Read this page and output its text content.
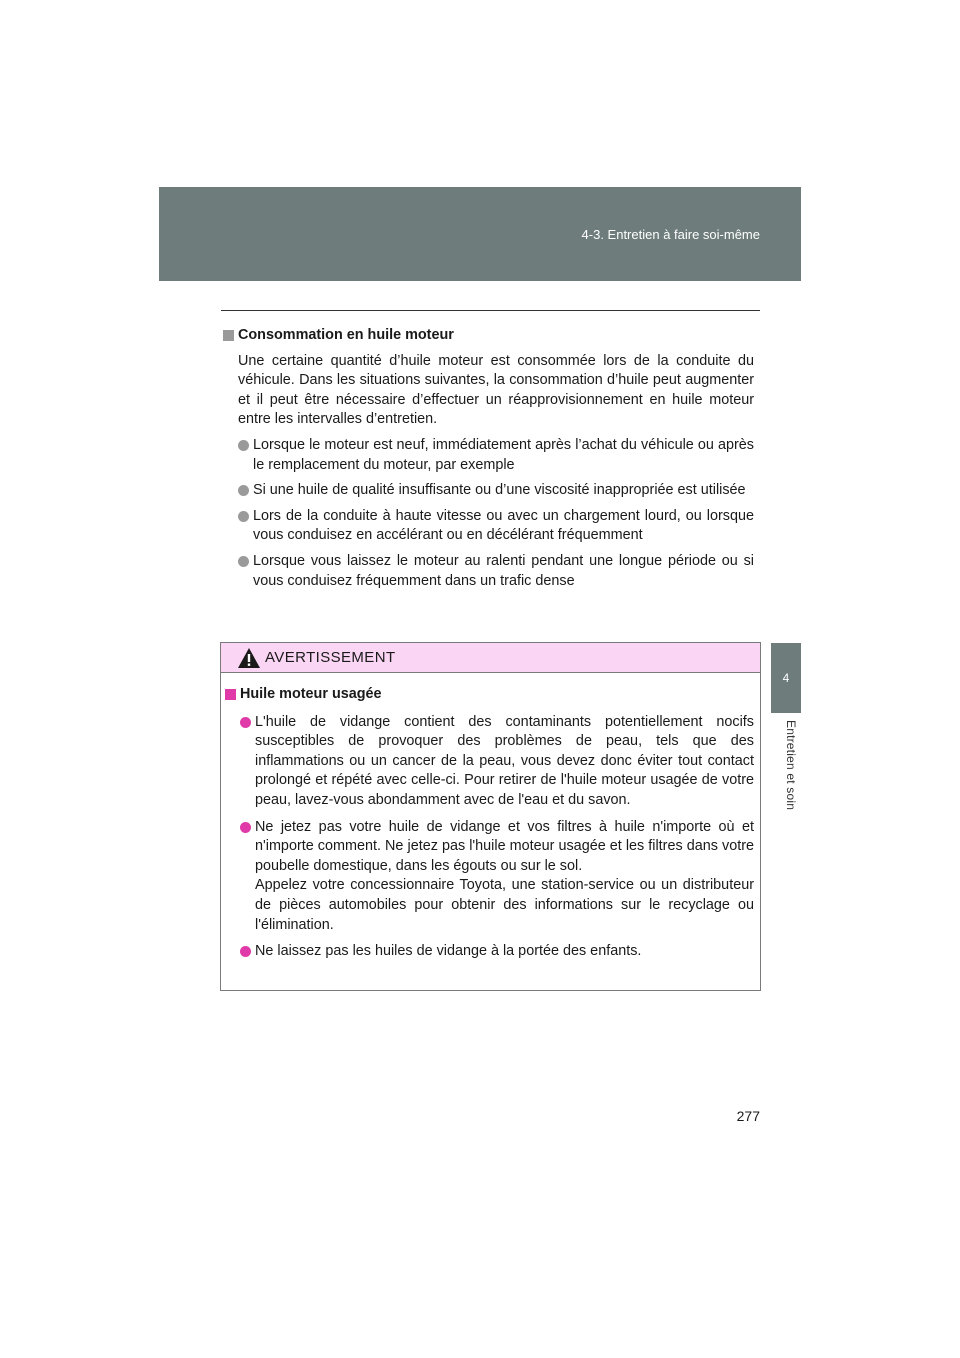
4-3. Entretien à faire soi-même
4
Entretien et soin
Consommation en huile moteur
Une certaine quantité d’huile moteur est consommée lors de la conduite du véhicule. Dans les situations suivantes, la consommation d’huile peut augmenter et il peut être nécessaire d’effectuer un réapprovisionnement en huile moteur entre les intervalles d’entretien.
Lorsque le moteur est neuf, immédiatement après l’achat du véhicule ou après le remplacement du moteur, par exemple
Si une huile de qualité insuffisante ou d’une viscosité inappropriée est utilisée
Lors de la conduite à haute vitesse ou avec un chargement lourd, ou lorsque vous conduisez en accélérant ou en décélérant fréquemment
Lorsque vous laissez le moteur au ralenti pendant une longue période ou si vous conduisez fréquemment dans un trafic dense
AVERTISSEMENT
Huile moteur usagée
L'huile de vidange contient des contaminants potentiellement nocifs susceptibles de provoquer des problèmes de peau, tels que des inflammations ou un cancer de la peau, vous devez donc éviter tout contact prolongé et répété avec celle-ci. Pour retirer de l'huile moteur usagée de votre peau, lavez-vous abondamment avec de l'eau et du savon.
Ne jetez pas votre huile de vidange et vos filtres à huile n'importe où et n'importe comment. Ne jetez pas l'huile moteur usagée et les filtres dans votre poubelle domestique, dans les égouts ou sur le sol.
Appelez votre concessionnaire Toyota, une station-service ou un distributeur de pièces automobiles pour obtenir des informations sur le recyclage ou l'élimination.
Ne laissez pas les huiles de vidange à la portée des enfants.
277
